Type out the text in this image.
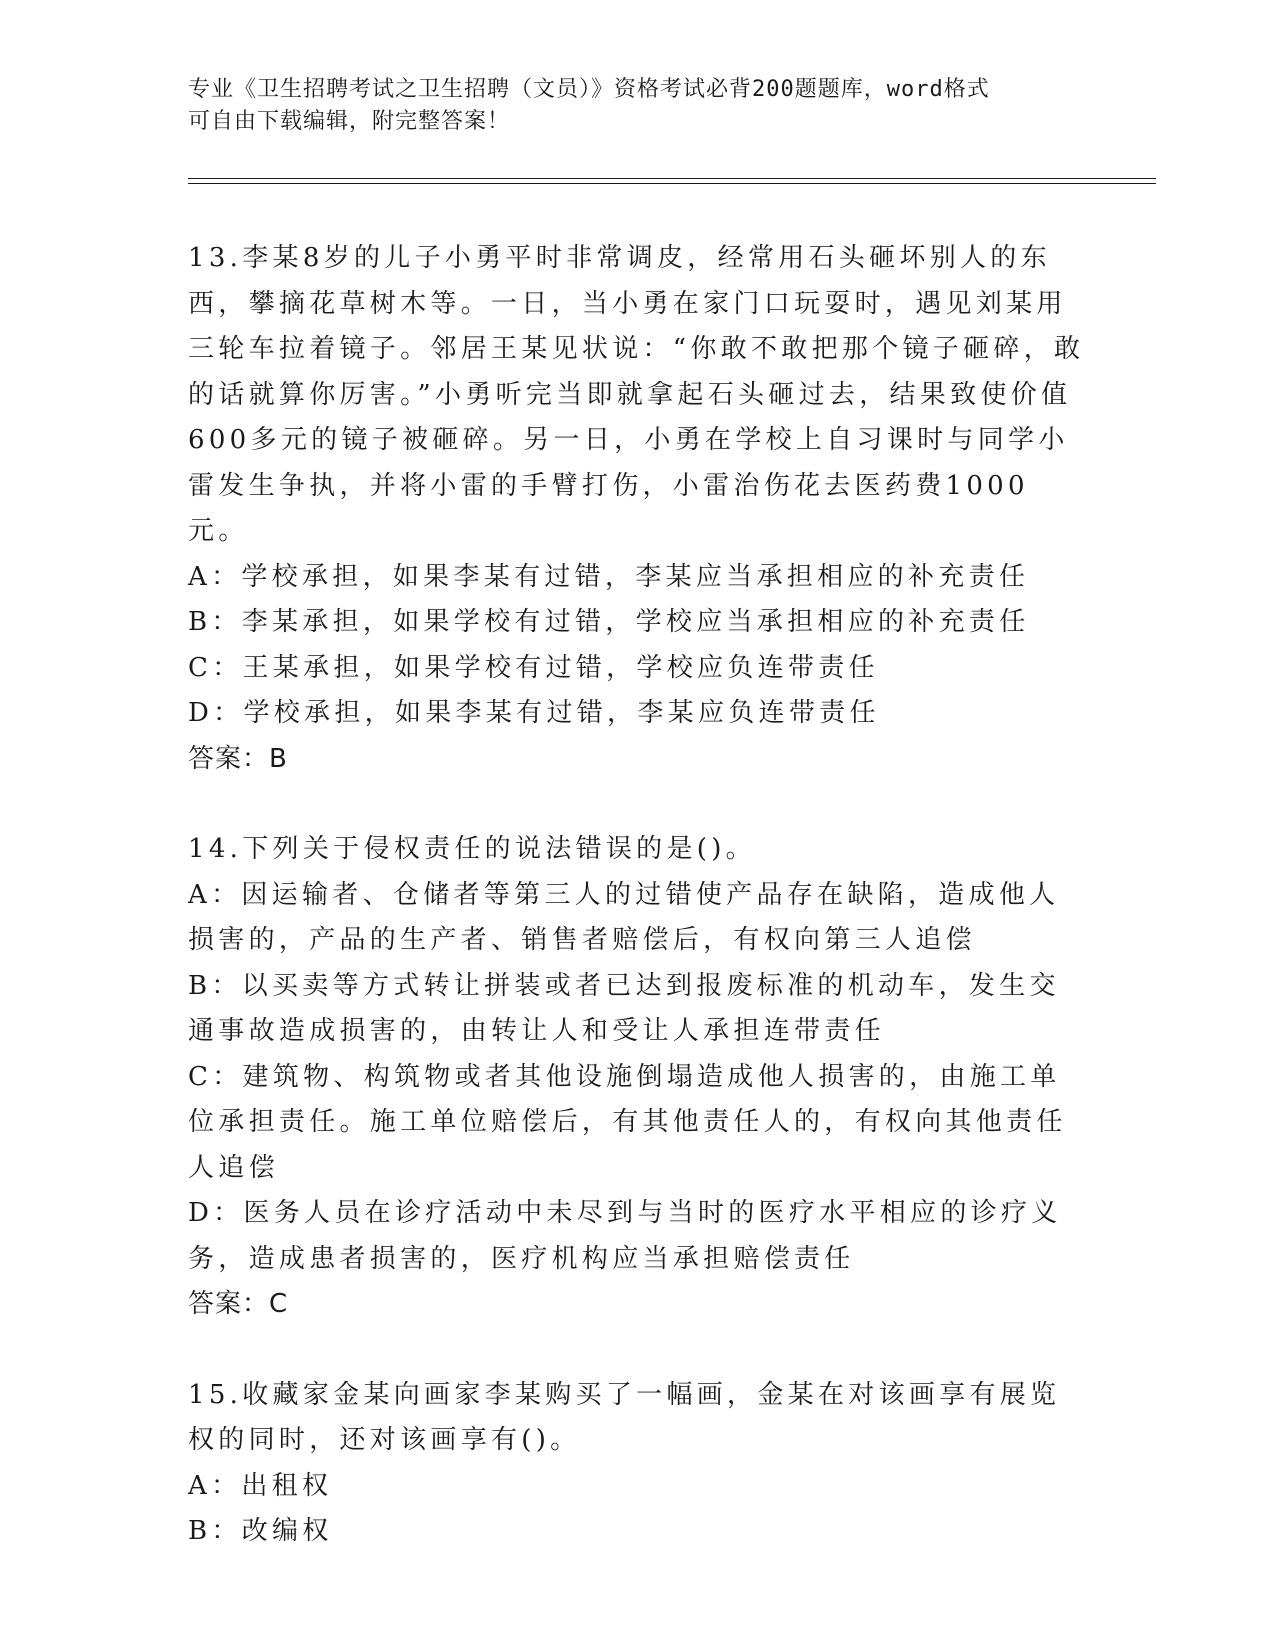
专业《卫生招聘考试之卫生招聘（文员）》资格考试必背200题题库，word格式
可自由下载编辑，附完整答案！

13.李某8岁的儿子小勇平时非常调皮，经常用石头砸坏别人的东西，攀摘花草树木等。一日，当小勇在家门口玩耍时，遇见刘某用三轮车拉着镜子。邻居王某见状说：“你敢不敢把那个镜子砸碎，敢的话就算你厉害。”小勇听完当即就拿起石头砸过去，结果致使价值600多元的镜子被砸碎。另一日，小勇在学校上自习课时与同学小雷发生争执，并将小雷的手臂打伤，小雷治伤花去医药费1000元。

A：学校承担，如果李某有过错，李某应当承担相应的补充责任

B：李某承担，如果学校有过错，学校应当承担相应的补充责任

C：王某承担，如果学校有过错，学校应负连带责任

D：学校承担，如果李某有过错，李某应负连带责任

答案：B

14.下列关于侵权责任的说法错误的是()。

A：因运输者、仓储者等第三人的过错使产品存在缺陷，造成他人损害的，产品的生产者、销售者赔偿后，有权向第三人追偿

B：以买卖等方式转让拼装或者已达到报废标准的机动车，发生交通事故造成损害的，由转让人和受让人承担连带责任

C：建筑物、构筑物或者其他设施倒塌造成他人损害的，由施工单位承担责任。施工单位赔偿后，有其他责任人的，有权向其他责任人追偿

D：医务人员在诊疗活动中未尽到与当时的医疗水平相应的诊疗义务，造成患者损害的，医疗机构应当承担赔偿责任

答案：C

15.收藏家金某向画家李某购买了一幅画，金某在对该画享有展览权的同时，还对该画享有()。

A：出租权

B：改编权
